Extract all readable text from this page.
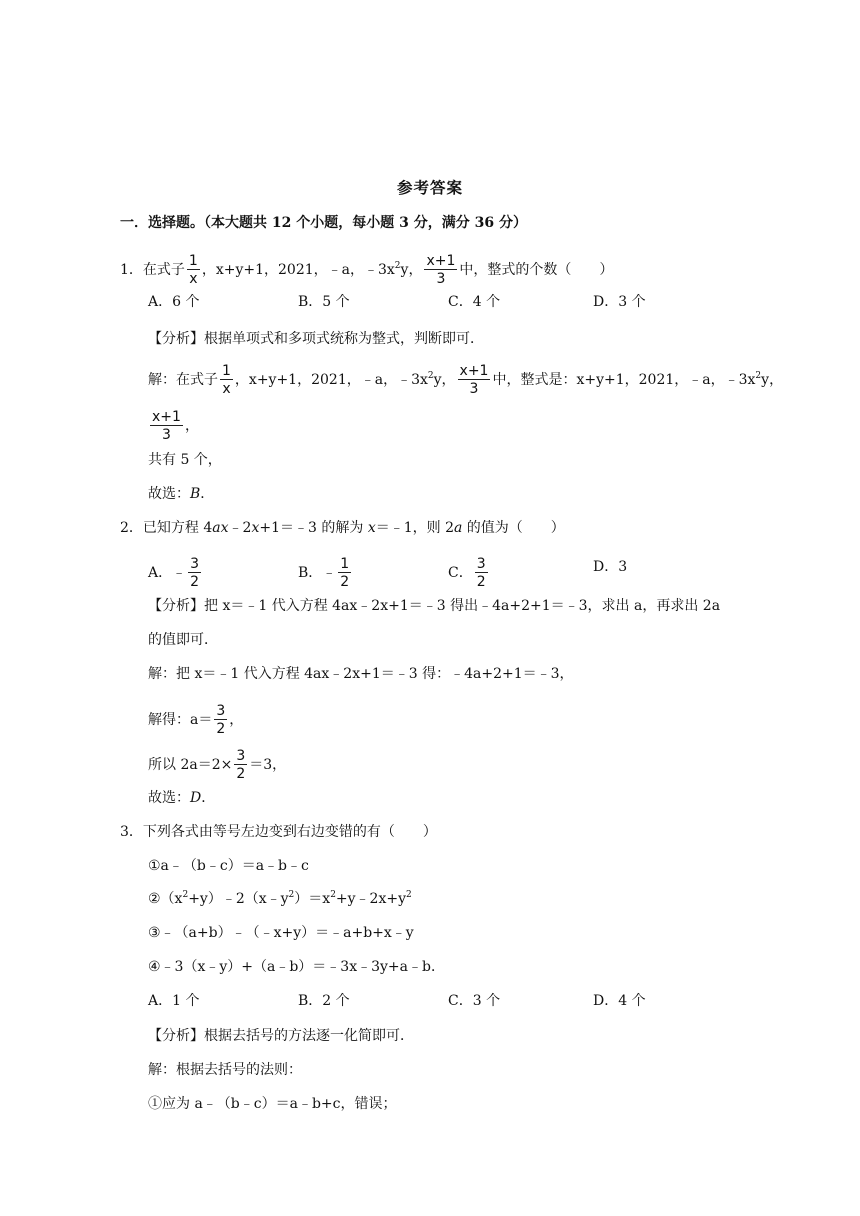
参考答案
一．选择题。（本大题共 12 个小题，每小题 3 分，满分 36 分）
1．在式子 $\frac{1}{x}$ ，x+y+1，2021，﹣a，$﹣3x^2y$， $\frac{x+1}{3}$ 中，整式的个数（　　）
A．6 个	B．5 个	C．4 个	D．3 个
【分析】根据单项式和多项式统称为整式，判断即可．
解：在式子 $\frac{1}{x}$ ，x+y+1，2021，﹣a，$﹣3x^2y$， $\frac{x+1}{3}$ 中，整式是：x+y+1，2021，﹣a，$﹣3x^2y$，
$\frac{x+1}{3}$ ，
共有 5 个，
故选：B．
2．已知方程 4ax﹣2x+1＝﹣3 的解为 x＝﹣1，则 2a 的值为（　　）
A．﹣ $\frac{3}{2}$	B．﹣ $\frac{1}{2}$	C． $\frac{3}{2}$	D．3
【分析】把 x＝﹣1 代入方程 4ax﹣2x+1＝﹣3 得出﹣4a+2+1＝﹣3，求出 a，再求出 2a
的值即可．
解：把 x＝﹣1 代入方程 4ax﹣2x+1＝﹣3 得：﹣4a+2+1＝﹣3，
解得：$a= \frac{3}{2}$ ，
所以 $2a=2\times \frac{3}{2} =3$，
故选：D．
3．下列各式由等号左边变到右边变错的有（　　）
①a﹣（b﹣c）＝a﹣b﹣c
$②(x^2+y)﹣2(x﹣y^2)=x^2+y﹣2x+y^2$
③﹣（a+b）﹣（﹣x+y）＝﹣a+b+x﹣y
④﹣3（x﹣y）+（a﹣b）＝﹣3x﹣3y+a﹣b．
A．1 个	B．2 个	C．3 个	D．4 个
【分析】根据去括号的方法逐一化简即可．
解：根据去括号的法则：
①应为 a﹣（b﹣c）＝a﹣b+c，错误；
